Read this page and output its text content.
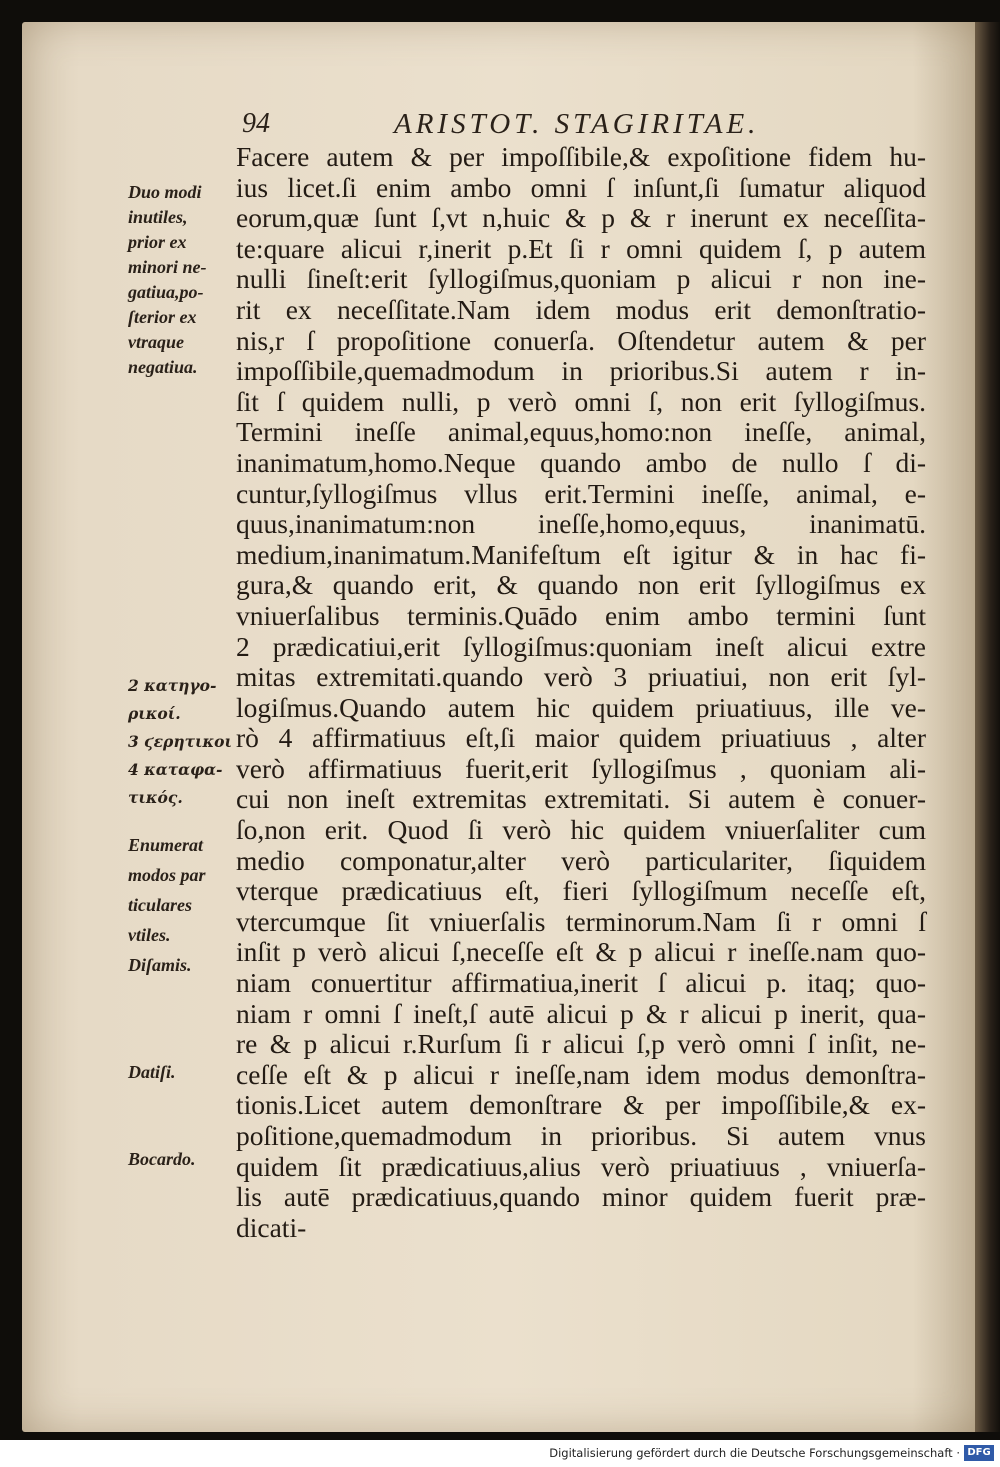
94	ARISTOT. STAGIRITAE.
Facere autem & per impoſſibile,& expoſitione fidem hu-
ius licet.ſi enim ambo omni ſ inſunt,ſi ſumatur aliquod
eorum,quæ ſunt ſ,vt n,huic & p & r inerunt ex neceſſita-
te:quare alicui r,inerit p.Et ſi r omni quidem ſ, p autem
nulli ſineſt:erit ſyllogiſmus,quoniam p alicui r non ine-
rit ex neceſſitate.Nam idem modus erit demonſtratio-
nis,r ſ propoſitione conuerſa. Oſtendetur autem & per
impoſſibile,quemadmodum in prioribus.Si autem r in-
ſit ſ quidem nulli, p verò omni ſ, non erit ſyllogiſmus.
Termini ineſſe animal,equus,homo:non ineſſe, animal,
inanimatum,homo.Neque quando ambo de nullo ſ di-
cuntur,ſyllogiſmus vllus erit.Termini ineſſe, animal, e-
quus,inanimatum:non ineſſe,homo,equus, inanimatū.
medium,inanimatum.Manifeſtum eſt igitur & in hac fi-
gura,& quando erit, & quando non erit ſyllogiſmus ex
vniuerſalibus terminis.Quādo enim ambo termini ſunt
2 prædicatiui,erit ſyllogiſmus:quoniam ineſt alicui extre
mitas extremitati.quando verò 3 priuatiui, non erit ſyl-
logiſmus.Quando autem hic quidem priuatiuus, ille ve-
rò 4 affirmatiuus eſt,ſi maior quidem priuatiuus , alter
verò affirmatiuus fuerit,erit ſyllogiſmus , quoniam ali-
cui non ineſt extremitas extremitati. Si autem è conuer-
ſo,non erit. Quod ſi verò hic quidem vniuerſaliter cum
medio componatur,alter verò particulariter, ſiquidem
vterque prædicatiuus eſt, fieri ſyllogiſmum neceſſe eſt,
vtercumque ſit vniuerſalis terminorum.Nam ſi r omni ſ
inſit p verò alicui ſ,neceſſe eſt & p alicui r ineſſe.nam quo-
niam conuertitur affirmatiua,inerit ſ alicui p. itaq; quo-
niam r omni ſ ineſt,ſ autē alicui p & r alicui p inerit, qua-
re & p alicui r.Rurſum ſi r alicui ſ,p verò omni ſ inſit, ne-
ceſſe eſt & p alicui r ineſſe,nam idem modus demonſtra-
tionis.Licet autem demonſtrare & per impoſſibile,& ex-
poſitione,quemadmodum in prioribus. Si autem vnus
quidem ſit prædicatiuus,alius verò priuatiuus , vniuerſa-
lis autē prædicatiuus,quando minor quidem fuerit præ-
dicati-
Duo modi
inutiles,
prior ex
minori ne-
gatiua,po-
ſterior ex
vtraque
negatiua.
2 κατηγο-
ρικοί.
3 ϛερητικοι
4 καταφα-
τικός.
Enumerat
modos par
ticulares
vtiles.
Diſamis.
Datiſi.
Bocardo.
Digitalisierung gefördert durch die Deutsche Forschungsgemeinschaft · DFG
